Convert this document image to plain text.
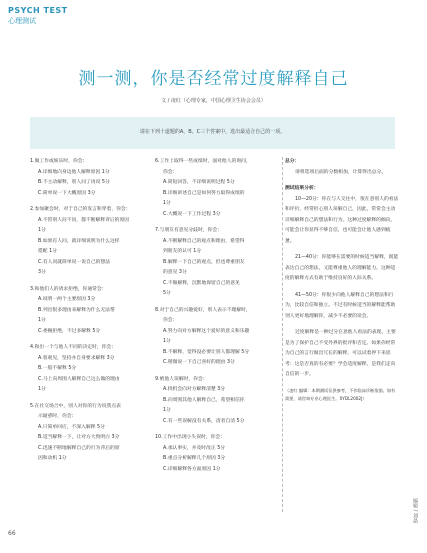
PSYCH TEST
心理测试
测一测，你是否经常过度解释自己
文 / 凌红（心理专家，中国心理卫生协会会员）
请在下列十道题的A、B、C三个答案中，选出最适合自己的一项。
1.做工作或娱乐时，你会：
A.详细地向身边他人解释原因 1分
B.不主动解释，别人问了再说 5分
C.简单说一下大概原因 3分
2.参加聚会时，对于自己的发言和穿着，你会：
A.不管别人问不问，都不断解释背后的原因
1分
B.如果有人问，就详细说明为什么这样
搭配 1分
C.有人问就简单说一说自己的想法
3分
3.和他们人的请求拒绝，你通常会：
A.说明一两个主要原因 3分
B.列出很多理由来解释为什么无法帮
1分
C.委婉拒绝，不过多解释 5分
4.和出一个与他人不同的决定时，你会：
A.客观见，坚持并自身要求解释 3分
B.一般不解释 5分
C.马上向周围人解释自己这么做的理由
1分
5.在社交场合中，别人对你的行为说我点表
示疑惑时，你会：
A.只简单回应，不深入解释 5分
B.适当解释一下，让对方大致明白 3分
C.迅速不断地解释自己的行为背后的原
因和动机 1分
6.工作上取得一些成绩时，面对他人的询问，
你会：
A.简短回答，不详细说明过程 5分
B.详细讲述自己是如何努力取得成绩的
1分
C.大概说一下工作过程 3分
7.与朋友有意见分歧时，你会：
A.不断解释自己的观点和理由，希望得
到朋友的认可 1分
B.解释一下自己的观点，但也尊重朋友
的意见 3分
C.不做解释，沉默地保留自己的意见
5分
8.对于自己的兴趣爱好，别人表示不理解时，
你会：
A.努力向对方解释这个爱好的意义和乐趣
1分
B.不解释，觉得没必要让别人都理解 5分
C.稍微说一下自己喜好的理由 3分
9.被他人误解时，你会：
A.找机会向对方解释清楚 3分
B.向周围其他人解释自己，希望相信你
1分
C.有一些误解没有关系，清者自清 5分
10.工作中出现小失误时，你会：
A.承认事实，并及时改正 5分
B.重点分析解释几个原因 3分
C.详细解释各方面原因 1分
总分：

请将选项后面的分数相加，计算得出总分。

测试结果分析：

10—20分：你在与人交往中，很在意别人的看法和评价，经常担心别人误解自己，因此，常常会主动详细解释自己的想法和行为。这种过度解释的倾向，可能会让你显得不够自信，也可能会让他人感到疲惫。

21—40分：你能够在需要的时候适当解释，既能表达自己的想法，又能尊重他人的理解能力。这种适度的解释方式有助于维持良好的人际关系。

41—50分：你很少向他人解释自己的想法和行为，比较自信和独立。不过有时候适当的解释能帮助别人更好地理解你，减少不必要的误会。

过度解释是一种过分在意他人看法的表现。主要是为了保护自己不受外界的批评和否定。如果你经常为自己的言行做出冗长的解释，可以试着停下来思考：这是否真的有必要？学会适度解释，是我们走向自信的一步。

（凌红 编辑：本期测试仅供参考，不作临床诊断依据。如有需要，请咨询专业心理医生。XYDL2002J）

66
编辑 / 刘晶
